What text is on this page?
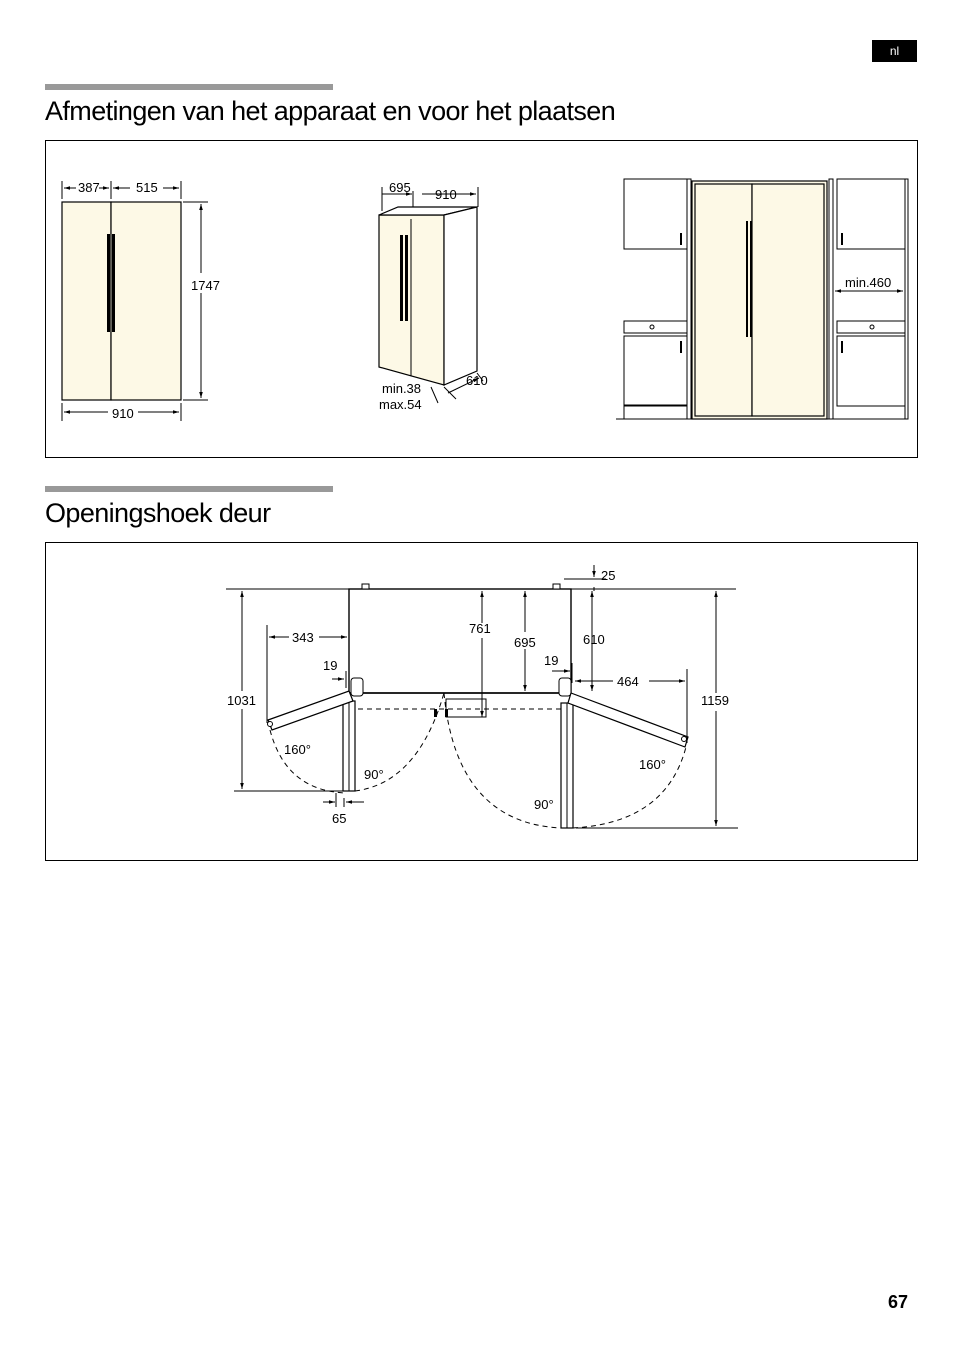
nl
Afmetingen van het apparaat en voor het plaatsen
387	515
1747
910
695 910
610
min.38
max.54
min.460
Openingshoek deur
1031
343
19
761
695
25
610
19
464
1159
65
160°
90°
160°
90°
67
